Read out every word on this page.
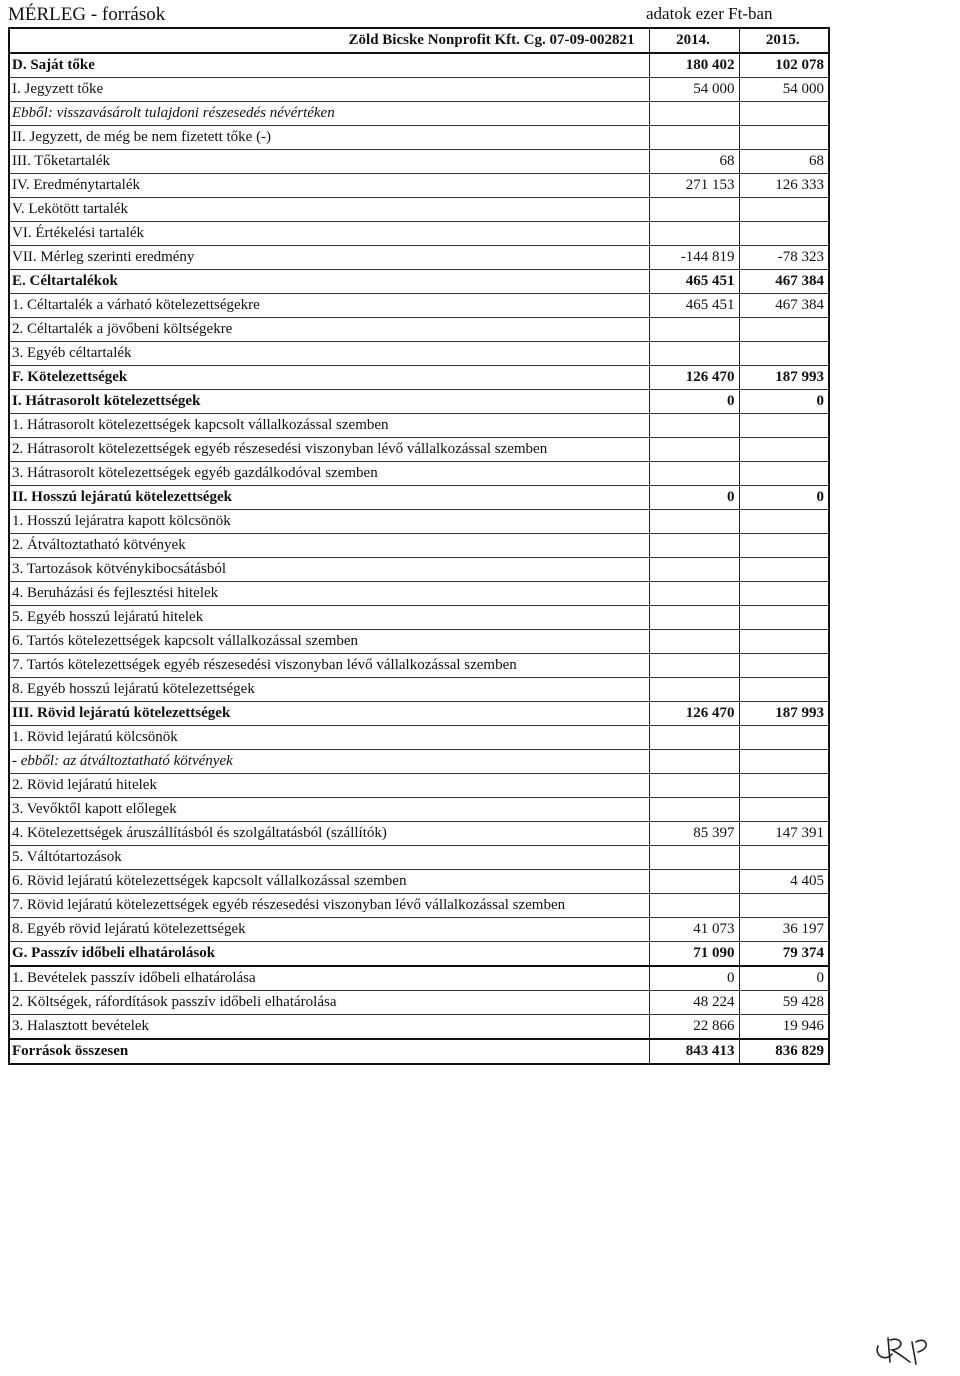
MÉRLEG - források	adatok ezer Ft-ban
Zöld Bicske Nonprofit Kft. Cg. 07-09-002821	2014.	2015.
D. Saját tőke	180 402	102 078
I. Jegyzett tőke	54 000	54 000
Ebből: visszavásárolt tulajdoni részesedés névértéken		
II. Jegyzett, de még be nem fizetett tőke (-)		
III. Tőketartalék	68	68
IV. Eredménytartalék	271 153	126 333
V. Lekötött tartalék		
VI. Értékelési tartalék		
VII. Mérleg szerinti eredmény	-144 819	-78 323
E. Céltartalékok	465 451	467 384
1. Céltartalék a várható kötelezettségekre	465 451	467 384
2. Céltartalék a jövőbeni költségekre		
3. Egyéb céltartalék		
F. Kötelezettségek	126 470	187 993
I. Hátrasorolt kötelezettségek	0	0
1. Hátrasorolt kötelezettségek kapcsolt vállalkozással szemben		
2. Hátrasorolt kötelezettségek egyéb részesedési viszonyban lévő vállalkozással szemben		
3. Hátrasorolt kötelezettségek egyéb gazdálkodóval szemben		
II. Hosszú lejáratú kötelezettségek	0	0
1. Hosszú lejáratra kapott kölcsönök		
2. Átváltoztatható kötvények		
3. Tartozások kötvénykibocsátásból		
4. Beruházási és fejlesztési hitelek		
5. Egyéb hosszú lejáratú hitelek		
6. Tartós kötelezettségek kapcsolt vállalkozással szemben		
7. Tartós kötelezettségek egyéb részesedési viszonyban lévő vállalkozással szemben		
8. Egyéb hosszú lejáratú kötelezettségek		
III. Rövid lejáratú kötelezettségek	126 470	187 993
1. Rövid lejáratú kölcsönök		
- ebből: az átváltoztatható kötvények		
2. Rövid lejáratú hitelek		
3. Vevőktől kapott előlegek		
4. Kötelezettségek áruszállításból és szolgáltatásból (szállítók)	85 397	147 391
5. Váltótartozások		
6. Rövid lejáratú kötelezettségek kapcsolt vállalkozással szemben		4 405
7. Rövid lejáratú kötelezettségek egyéb részesedési viszonyban lévő vállalkozással szemben		
8. Egyéb rövid lejáratú kötelezettségek	41 073	36 197
G. Passzív időbeli elhatárolások	71 090	79 374
1. Bevételek passzív időbeli elhatárolása	0	0
2. Költségek, ráfordítások passzív időbeli elhatárolása	48 224	59 428
3. Halasztott bevételek	22 866	19 946
Források összesen	843 413	836 829
